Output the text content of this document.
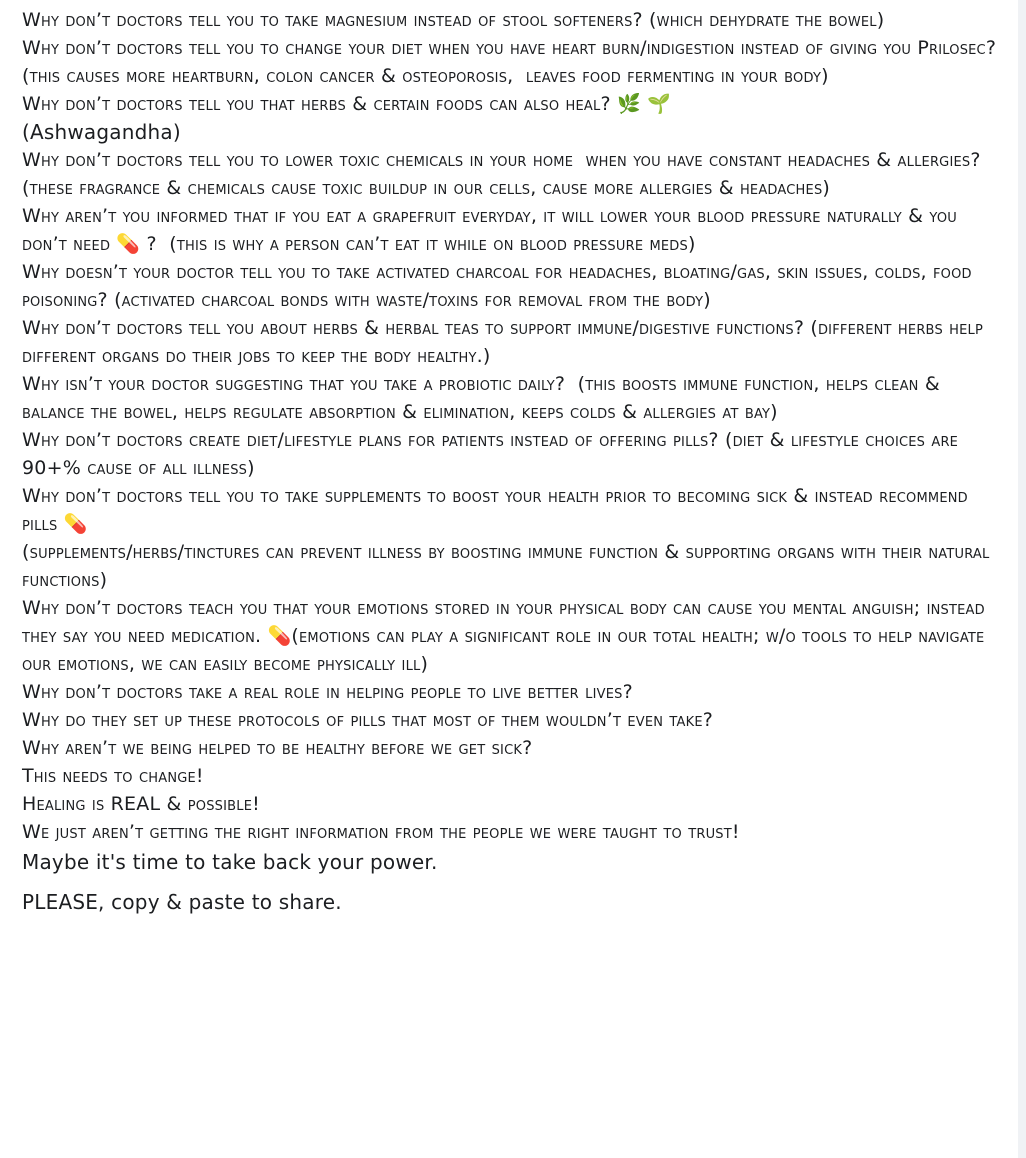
Why don’t doctors tell you to take magnesium instead of stool softeners? (which dehydrate the bowel)

Why don’t doctors tell you to change your diet when you have heart burn/indigestion instead of giving you Prilosec? (this causes more heartburn, colon cancer & osteoporosis,  leaves food fermenting in your body)

Why don’t doctors tell you that herbs & certain foods can also heal? 🌿 🌱

(Ashwagandha)

Why don’t doctors tell you to lower toxic chemicals in your home  when you have constant headaches & allergies? (these fragrance & chemicals cause toxic buildup in our cells, cause more allergies & headaches)

Why aren’t you informed that if you eat a grapefruit everyday, it will lower your blood pressure naturally & you don’t need 💊 ?  (this is why a person can’t eat it while on blood pressure meds)

Why doesn’t your doctor tell you to take activated charcoal for headaches, bloating/gas, skin issues, colds, food poisoning? (activated charcoal bonds with waste/toxins for removal from the body)

Why don’t doctors tell you about herbs & herbal teas to support immune/digestive functions? (different herbs help different organs do their jobs to keep the body healthy.)

Why isn’t your doctor suggesting that you take a probiotic daily?  (this boosts immune function, helps clean & balance the bowel, helps regulate absorption & elimination, keeps colds & allergies at bay)

Why don’t doctors create diet/lifestyle plans for patients instead of offering pills? (diet & lifestyle choices are 90+% cause of all illness)

Why don’t doctors tell you to take supplements to boost your health prior to becoming sick & instead recommend pills 💊

(supplements/herbs/tinctures can prevent illness by boosting immune function & supporting organs with their natural functions)

Why don’t doctors teach you that your emotions stored in your physical body can cause you mental anguish; instead they say you need medication. 💊(emotions can play a significant role in our total health; w/o tools to help navigate our emotions, we can easily become physically ill)

Why don’t doctors take a real role in helping people to live better lives?

Why do they set up these protocols of pills that most of them wouldn’t even take?

Why aren’t we being helped to be healthy before we get sick?

This needs to change!

Healing is REAL & possible!

We just aren’t getting the right information from the people we were taught to trust!

Maybe it's time to take back your power.

PLEASE, copy & paste to share.
